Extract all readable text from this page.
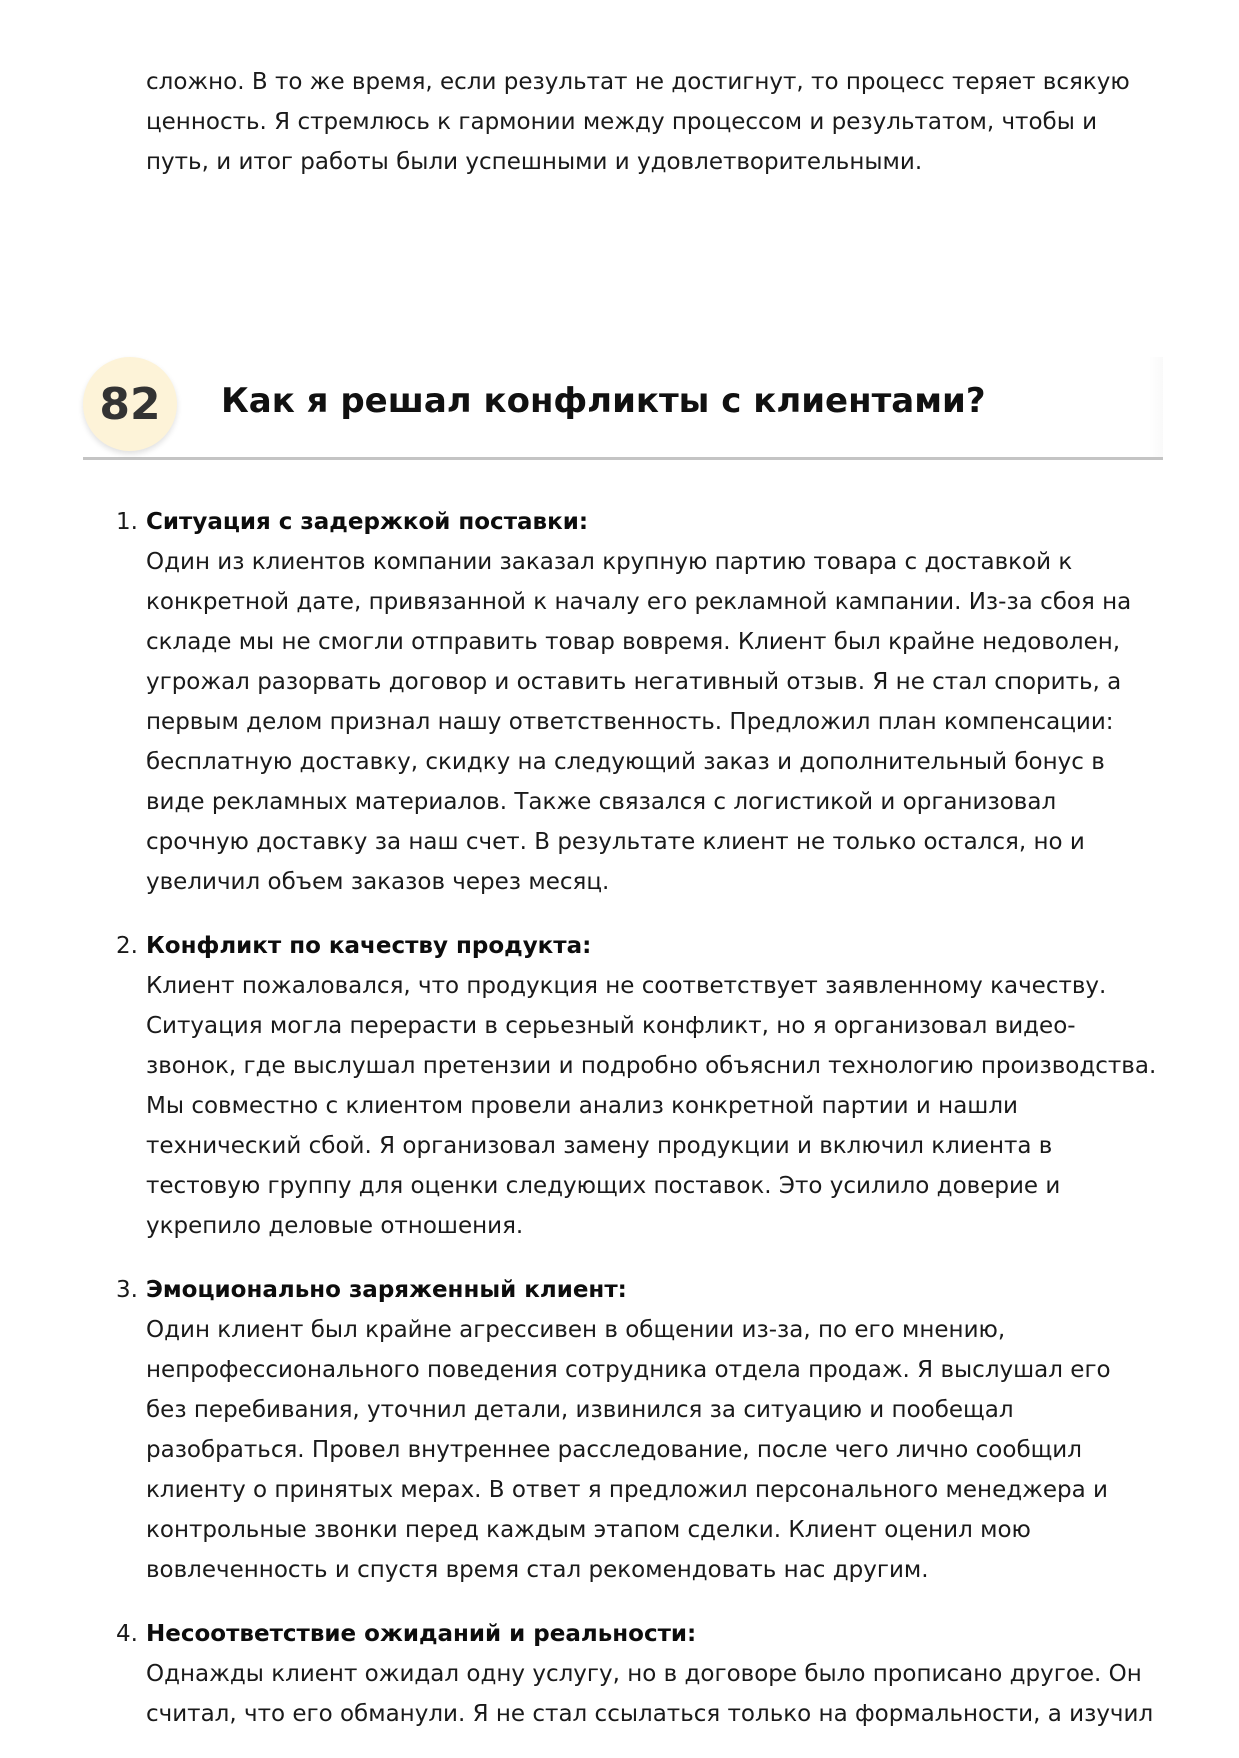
сложно. В то же время, если результат не достигнут, то процесс теряет всякую ценность. Я стремлюсь к гармонии между процессом и результатом, чтобы и путь, и итог работы были успешными и удовлетворительными.

82	Как я решал конфликты с клиентами?
1. Ситуация с задержкой поставки:
Один из клиентов компании заказал крупную партию товара с доставкой к конкретной дате, привязанной к началу его рекламной кампании. Из-за сбоя на складе мы не смогли отправить товар вовремя. Клиент был крайне недоволен, угрожал разорвать договор и оставить негативный отзыв. Я не стал спорить, а первым делом признал нашу ответственность. Предложил план компенсации: бесплатную доставку, скидку на следующий заказ и дополнительный бонус в виде рекламных материалов. Также связался с логистикой и организовал срочную доставку за наш счет. В результате клиент не только остался, но и увеличил объем заказов через месяц.
2. Конфликт по качеству продукта:
Клиент пожаловался, что продукция не соответствует заявленному качеству. Ситуация могла перерасти в серьезный конфликт, но я организовал видео-звонок, где выслушал претензии и подробно объяснил технологию производства. Мы совместно с клиентом провели анализ конкретной партии и нашли технический сбой. Я организовал замену продукции и включил клиента в тестовую группу для оценки следующих поставок. Это усилило доверие и укрепило деловые отношения.
3. Эмоционально заряженный клиент:
Один клиент был крайне агрессивен в общении из-за, по его мнению, непрофессионального поведения сотрудника отдела продаж. Я выслушал его без перебивания, уточнил детали, извинился за ситуацию и пообещал разобраться. Провел внутреннее расследование, после чего лично сообщил клиенту о принятых мерах. В ответ я предложил персонального менеджера и контрольные звонки перед каждым этапом сделки. Клиент оценил мою вовлеченность и спустя время стал рекомендовать нас другим.
4. Несоответствие ожиданий и реальности:
Однажды клиент ожидал одну услугу, но в договоре было прописано другое. Он считал, что его обманули. Я не стал ссылаться только на формальности, а изучил
